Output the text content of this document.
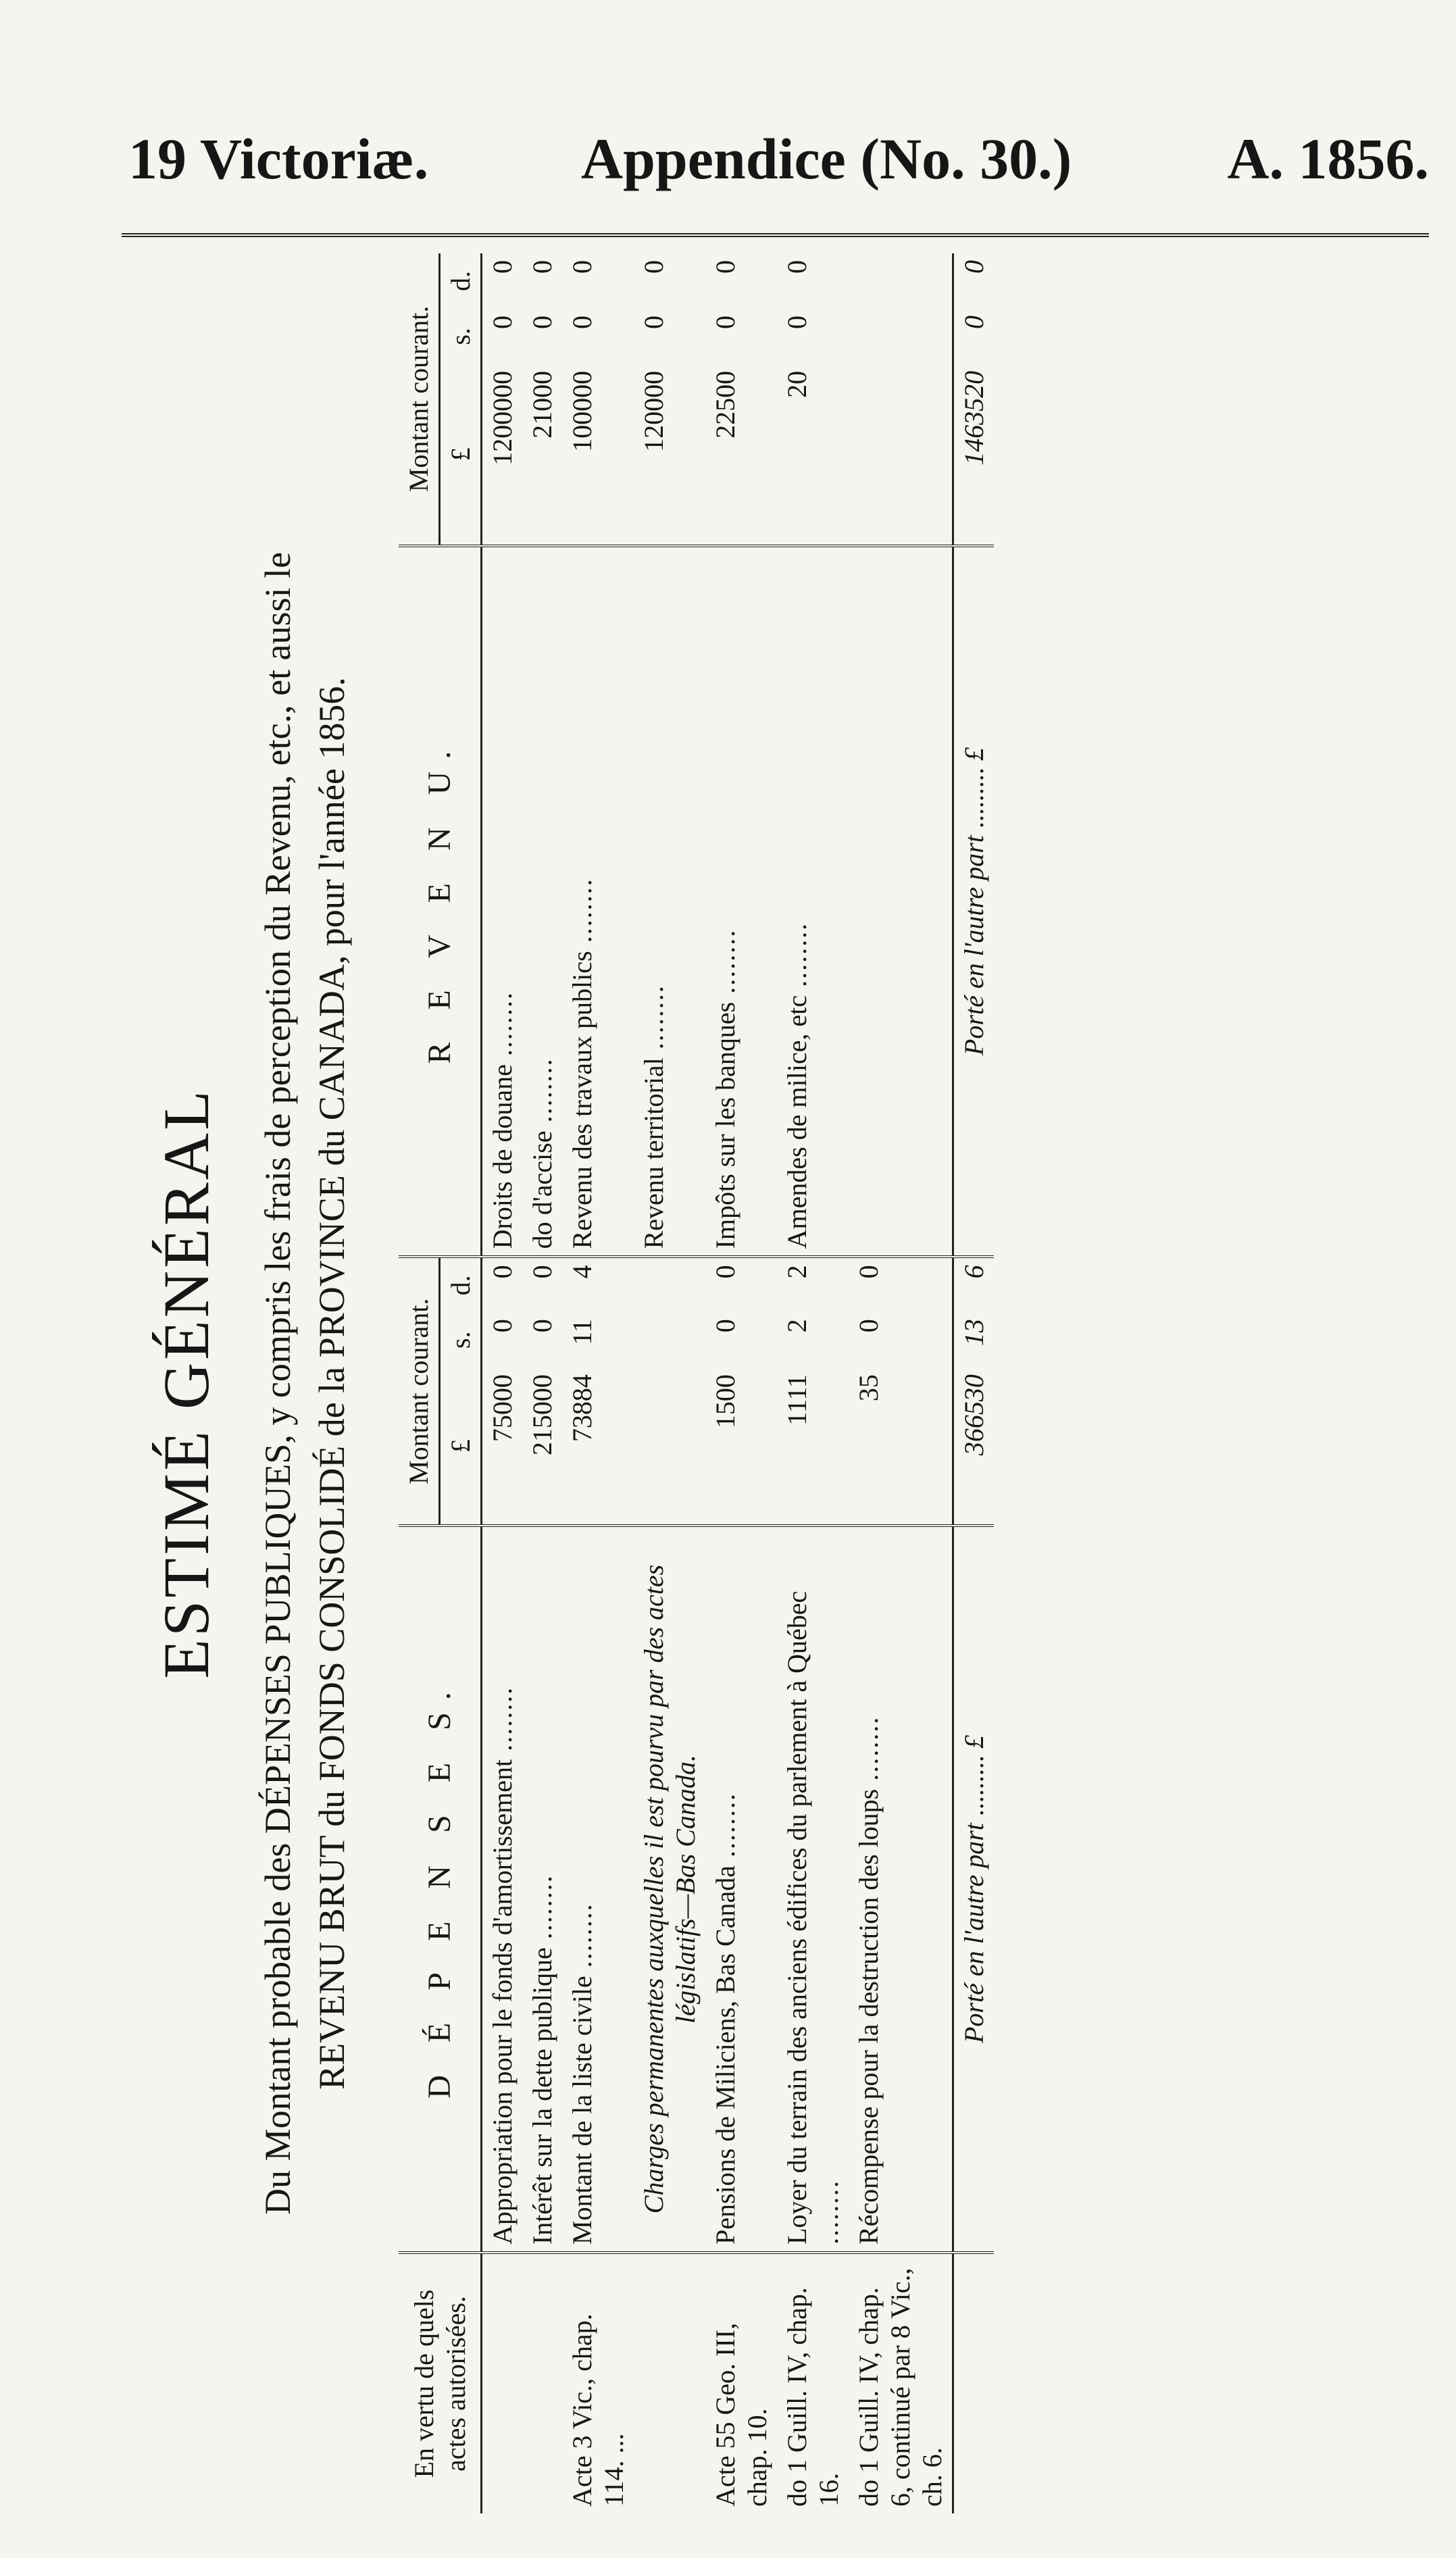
19 Victoriæ.	Appendice (No. 30.)	A. 1856.
ESTIMÉ GÉNÉRAL Du Montant probable des DÉPENSES PUBLIQUES, y compris les frais de perception du Revenu, etc., et aussi le REVENU BRUT du FONDS CONSOLIDÉ de la PROVINCE du CANADA, pour l'année 1856.
En vertu de quels actes autorisées.	D É P E N S E S.	Montant courant.			R E V E N U.	Montant courant.		
		£	s.	d.		£	s.	d.
	Appropriation pour le fonds d'amortissement .....	75000	0	0	Droits de douane .....	1200000	0	0
	Intérêt sur la dette publique .....	215000	0	0	do d'accise .....	21000	0	0
Acte 3 Vic., chap. 114. ...	Montant de la liste civile .....	73884	11	4	Revenu des travaux publics .....	100000	0	0
	Charges permanentes auxquelles il est pourvu par des actes législatifs—Bas Canada.				Revenu territorial .....	120000	0	0
Acte 55 Geo. III, chap. 10.	Pensions de Miliciens, Bas Canada .....	1500	0	0	Impôts sur les banques .....	22500	0	0
do 1 Guill. IV, chap. 16.	Loyer du terrain des anciens édifices du parlement à Québec .....	1111	2	2	Amendes de milice, etc .....	20	0	0
do 1 Guill. IV, chap. 6, continué par 8 Vic., ch. 6.	Récompense pour la destruction des loups .....	35	0	0				
	Porté en l'autre part ......... £	366530	13	6	Porté en l'autre part ......... £	1463520	0	0
